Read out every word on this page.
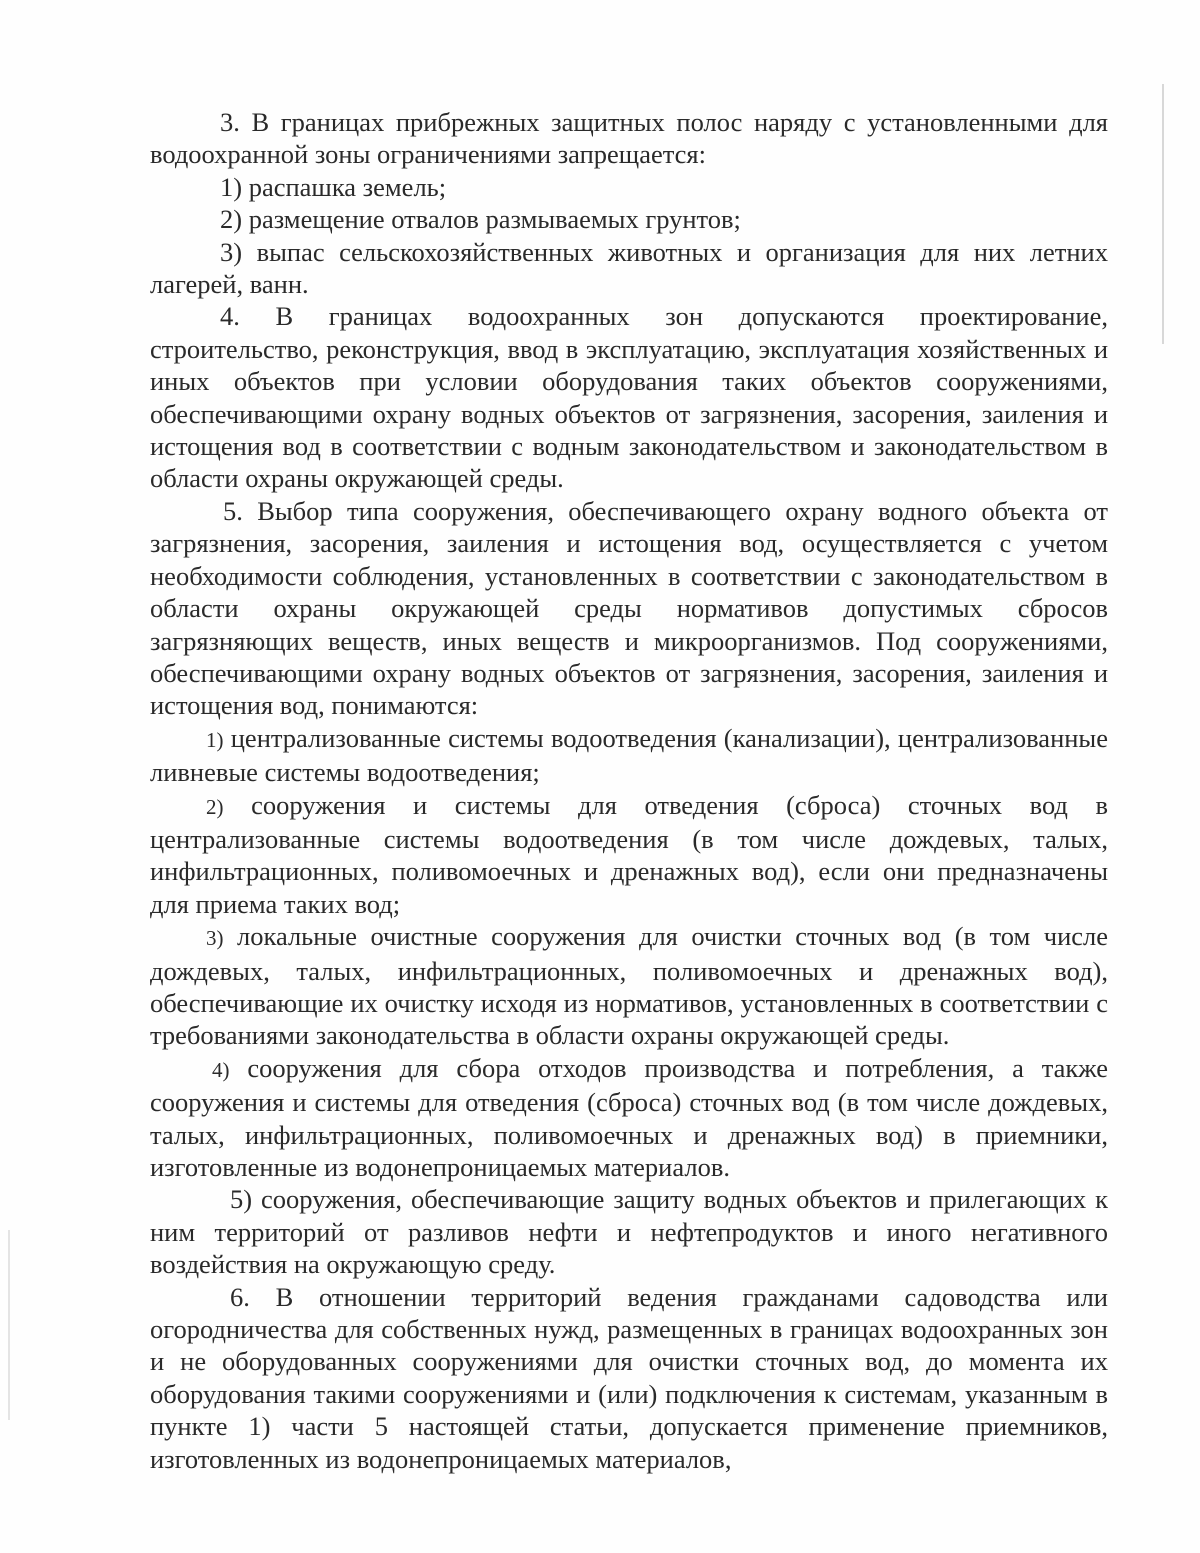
3. В границах прибрежных защитных полос наряду с установленными для водоохранной зоны ограничениями запрещается:

1) распашка земель;

2) размещение отвалов размываемых грунтов;

3) выпас сельскохозяйственных животных и организация для них летних лагерей, ванн.

4. В границах водоохранных зон допускаются проектирование, строительство, реконструкция, ввод в эксплуатацию, эксплуатация хозяйственных и иных объектов при условии оборудования таких объектов сооружениями, обеспечивающими охрану водных объектов от загрязнения, засорения, заиления и истощения вод в соответствии с водным законодательством и законодательством в области охраны окружающей среды.

5. Выбор типа сооружения, обеспечивающего охрану водного объекта от загрязнения, засорения, заиления и истощения вод, осуществляется с учетом необходимости соблюдения, установленных в соответствии с законодательством в области охраны окружающей среды нормативов допустимых сбросов загрязняющих веществ, иных веществ и микроорганизмов. Под сооружениями, обеспечивающими охрану водных объектов от загрязнения, засорения, заиления и истощения вод, понимаются:

1) централизованные системы водоотведения (канализации), централизованные ливневые системы водоотведения;

2) сооружения и системы для отведения (сброса) сточных вод в централизованные системы водоотведения (в том числе дождевых, талых, инфильтрационных, поливомоечных и дренажных вод), если они предназначены для приема таких вод;

3) локальные очистные сооружения для очистки сточных вод (в том числе дождевых, талых, инфильтрационных, поливомоечных и дренажных вод), обеспечивающие их очистку исходя из нормативов, установленных в соответствии с требованиями законодательства в области охраны окружающей среды.

4) сооружения для сбора отходов производства и потребления, а также сооружения и системы для отведения (сброса) сточных вод (в том числе дождевых, талых, инфильтрационных, поливомоечных и дренажных вод) в приемники, изготовленные из водонепроницаемых материалов.

5) сооружения, обеспечивающие защиту водных объектов и прилегающих к ним территорий от разливов нефти и нефтепродуктов и иного негативного воздействия на окружающую среду.

6. В отношении территорий ведения гражданами садоводства или огородничества для собственных нужд, размещенных в границах водоохранных зон и не оборудованных сооружениями для очистки сточных вод, до момента их оборудования такими сооружениями и (или) подключения к системам, указанным в пункте 1) части 5 настоящей статьи, допускается применение приемников, изготовленных из водонепроницаемых материалов,
